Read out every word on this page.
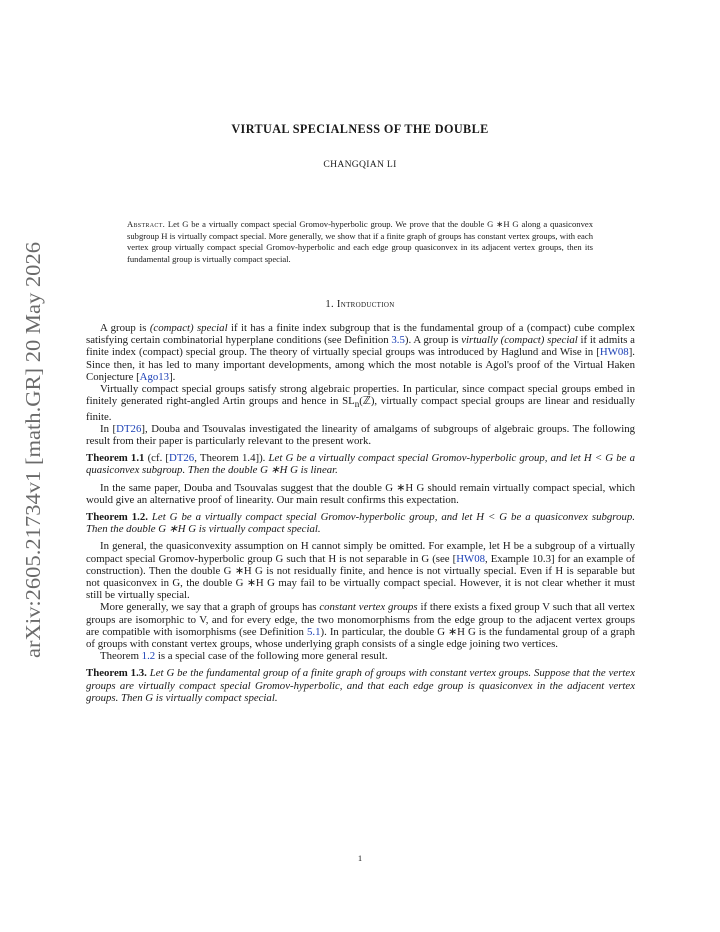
arXiv:2605.21734v1 [math.GR] 20 May 2026
VIRTUAL SPECIALNESS OF THE DOUBLE
CHANGQIAN LI
Abstract. Let G be a virtually compact special Gromov-hyperbolic group. We prove that the double G ∗H G along a quasiconvex subgroup H is virtually compact special. More generally, we show that if a finite graph of groups has constant vertex groups, with each vertex group virtually compact special Gromov-hyperbolic and each edge group quasiconvex in its adjacent vertex groups, then its fundamental group is virtually compact special.
1. Introduction

A group is (compact) special if it has a finite index subgroup that is the fundamental group of a (compact) cube complex satisfying certain combinatorial hyperplane conditions (see Definition 3.5). A group is virtually (compact) special if it admits a finite index (compact) special group. The theory of virtually special groups was introduced by Haglund and Wise in [HW08]. Since then, it has led to many important developments, among which the most notable is Agol's proof of the Virtual Haken Conjecture [Ago13].

Virtually compact special groups satisfy strong algebraic properties. In particular, since compact special groups embed in finitely generated right-angled Artin groups and hence in $SL_n(ℤ)$, virtually compact special groups are linear and residually finite.

In [DT26], Douba and Tsouvalas investigated the linearity of amalgams of subgroups of algebraic groups. The following result from their paper is particularly relevant to the present work.

Theorem 1.1 (cf. [DT26, Theorem 1.4]). Let G be a virtually compact special Gromov-hyperbolic group, and let H < G be a quasiconvex subgroup. Then the double G ∗H G is linear.

In the same paper, Douba and Tsouvalas suggest that the double G ∗H G should remain virtually compact special, which would give an alternative proof of linearity. Our main result confirms this expectation.

Theorem 1.2. Let G be a virtually compact special Gromov-hyperbolic group, and let H < G be a quasiconvex subgroup. Then the double G ∗H G is virtually compact special.

In general, the quasiconvexity assumption on H cannot simply be omitted. For example, let H be a subgroup of a virtually compact special Gromov-hyperbolic group G such that H is not separable in G (see [HW08, Example 10.3] for an example of construction). Then the double G ∗H G is not residually finite, and hence is not virtually special. Even if H is separable but not quasiconvex in G, the double G ∗H G may fail to be virtually compact special. However, it is not clear whether it must still be virtually special.

More generally, we say that a graph of groups has constant vertex groups if there exists a fixed group V such that all vertex groups are isomorphic to V, and for every edge, the two monomorphisms from the edge group to the adjacent vertex groups are compatible with isomorphisms (see Definition 5.1). In particular, the double G ∗H G is the fundamental group of a graph of groups with constant vertex groups, whose underlying graph consists of a single edge joining two vertices.

Theorem 1.2 is a special case of the following more general result.

Theorem 1.3. Let G be the fundamental group of a finite graph of groups with constant vertex groups. Suppose that the vertex groups are virtually compact special Gromov-hyperbolic, and that each edge group is quasiconvex in the adjacent vertex groups. Then G is virtually compact special.

1
